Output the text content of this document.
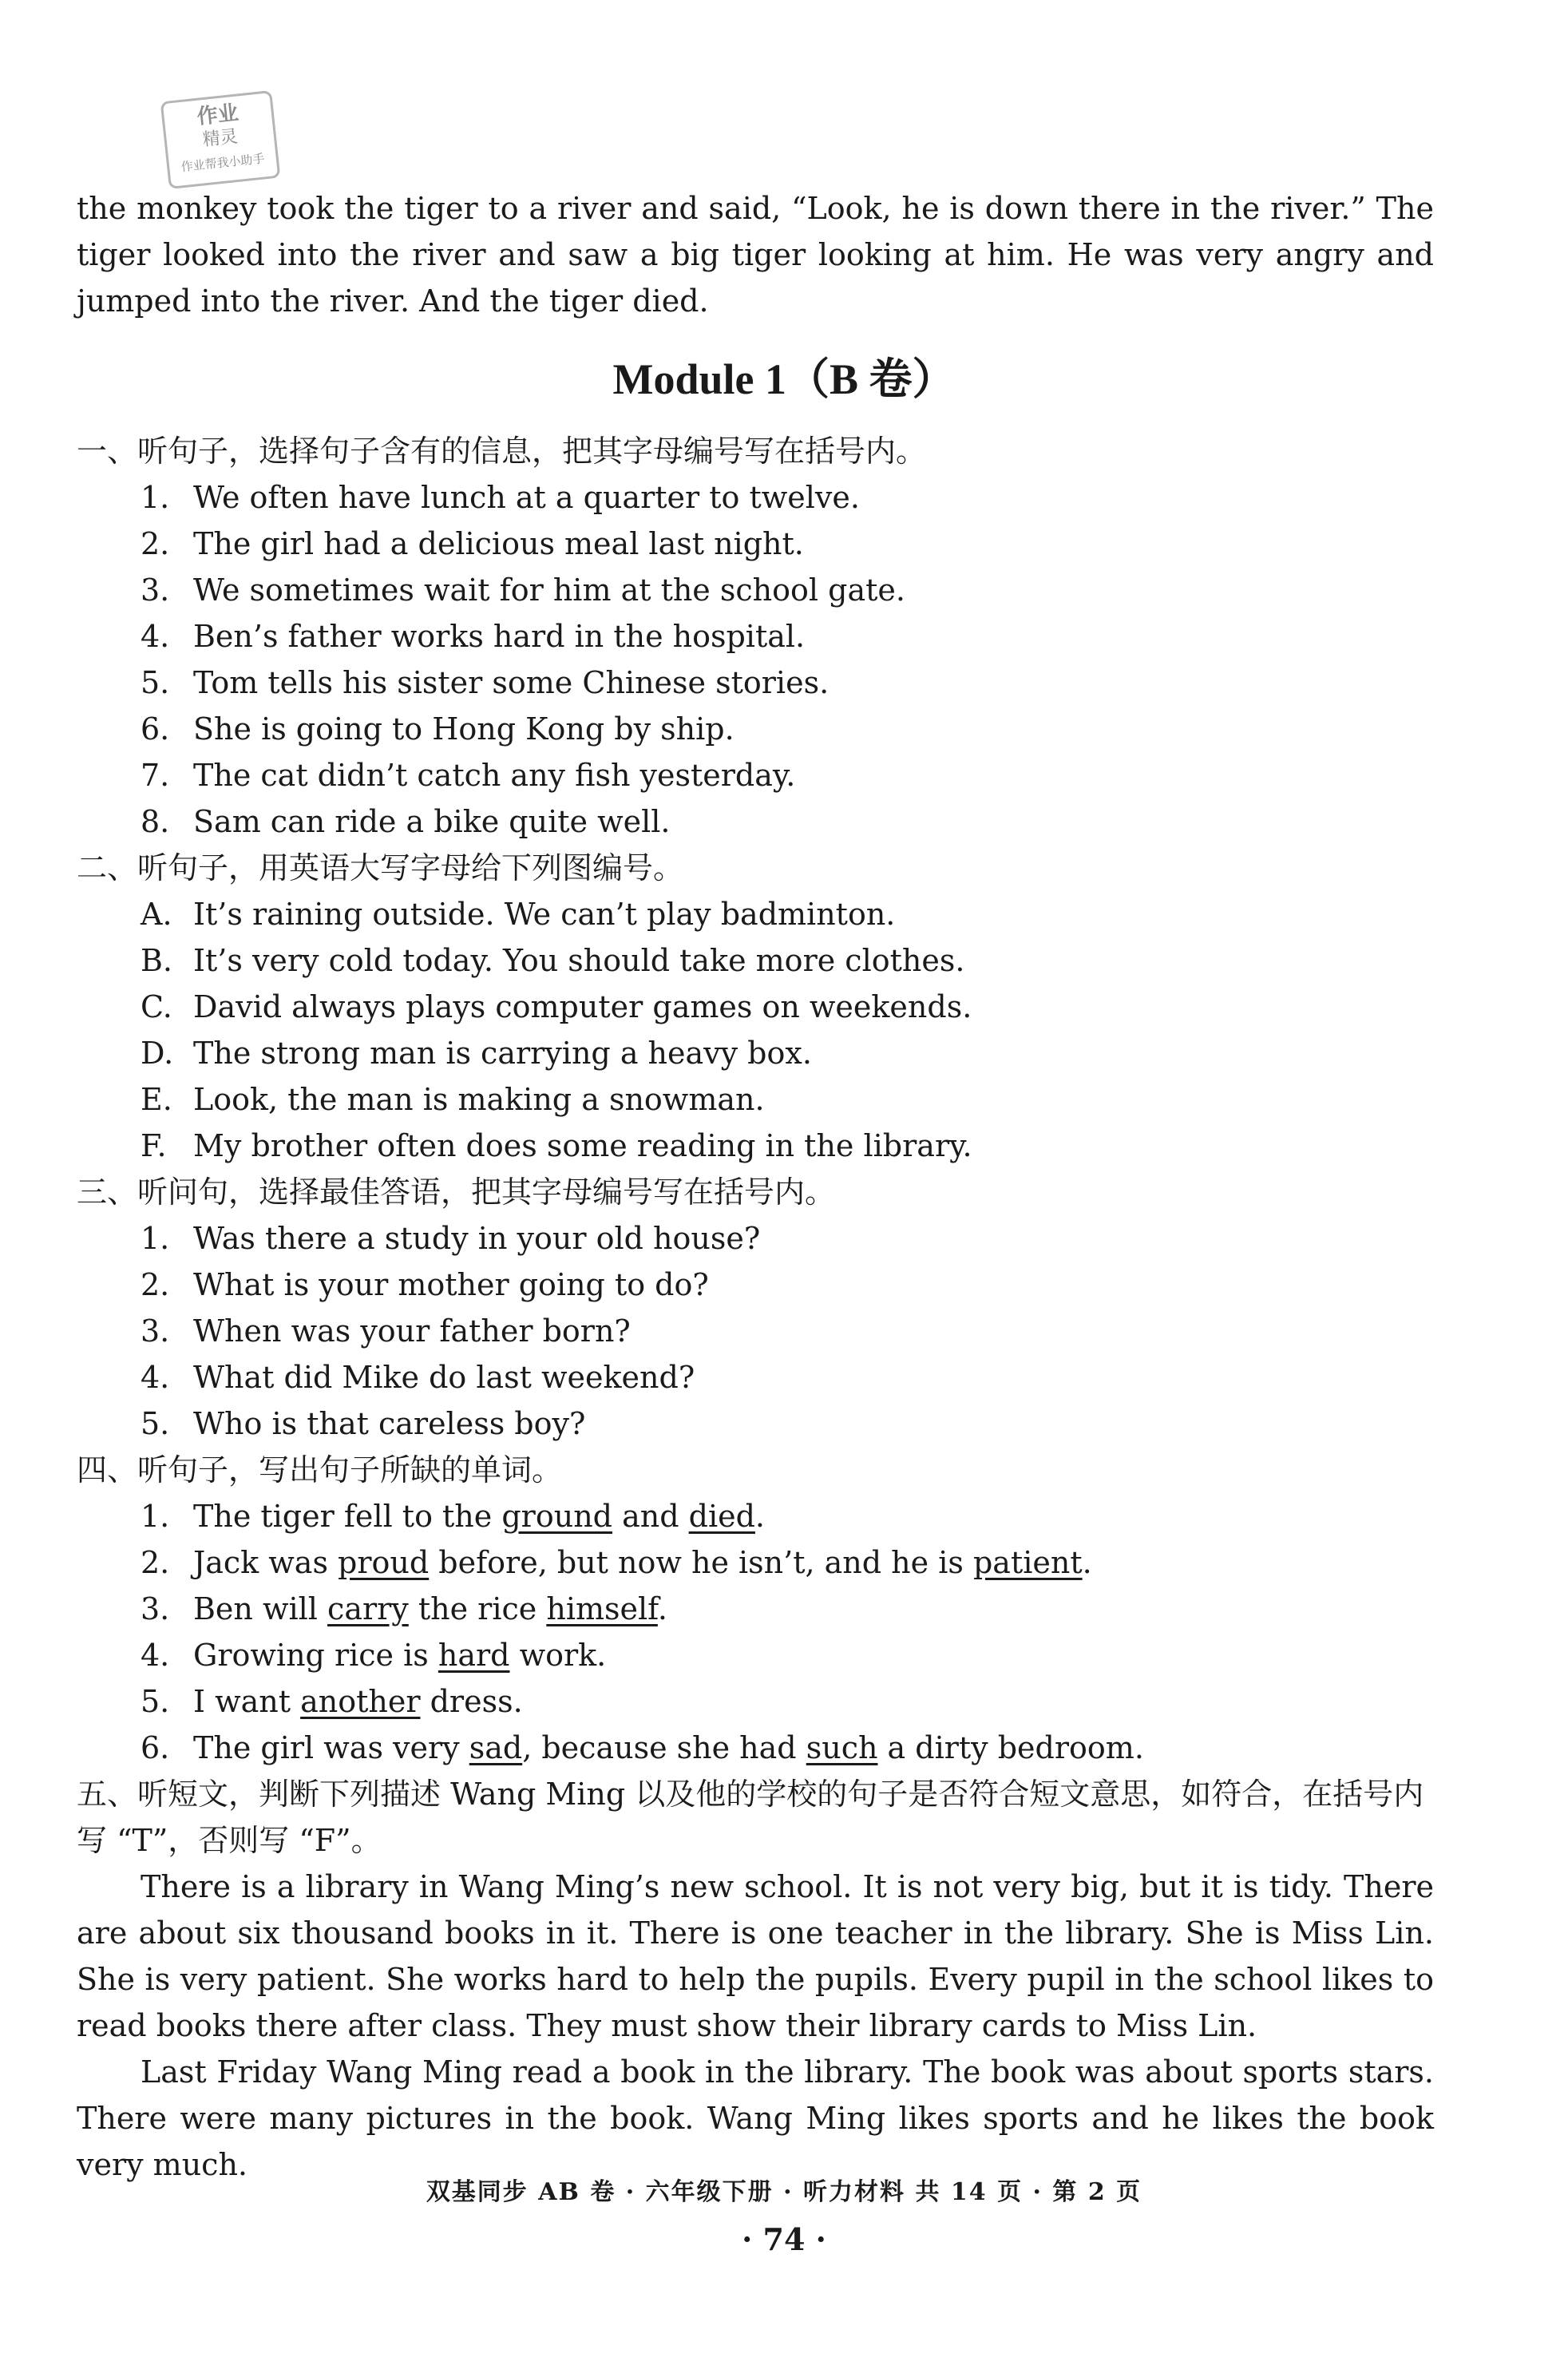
作业
精灵
作业帮我小助手
the monkey took the tiger to a river and said, “Look, he is down there in the river.” The tiger looked into the river and saw a big tiger looking at him. He was very angry and jumped into the river. And the tiger died.
Module 1（B 卷）
一、听句子，选择句子含有的信息，把其字母编号写在括号内。
1. We often have lunch at a quarter to twelve.
2. The girl had a delicious meal last night.
3. We sometimes wait for him at the school gate.
4. Ben’s father works hard in the hospital.
5. Tom tells his sister some Chinese stories.
6. She is going to Hong Kong by ship.
7. The cat didn’t catch any fish yesterday.
8. Sam can ride a bike quite well.
二、听句子，用英语大写字母给下列图编号。
A. It’s raining outside. We can’t play badminton.
B. It’s very cold today. You should take more clothes.
C. David always plays computer games on weekends.
D. The strong man is carrying a heavy box.
E. Look, the man is making a snowman.
F. My brother often does some reading in the library.
三、听问句，选择最佳答语，把其字母编号写在括号内。
1. Was there a study in your old house?
2. What is your mother going to do?
3. When was your father born?
4. What did Mike do last weekend?
5. Who is that careless boy?
四、听句子，写出句子所缺的单词。
1. The tiger fell to the ground and died.
2. Jack was proud before, but now he isn’t, and he is patient.
3. Ben will carry the rice himself.
4. Growing rice is hard work.
5. I want another dress.
6. The girl was very sad, because she had such a dirty bedroom.
五、听短文，判断下列描述 Wang Ming 以及他的学校的句子是否符合短文意思，如符合，在括号内写 “T”，否则写 “F”。
There is a library in Wang Ming’s new school. It is not very big, but it is tidy. There are about six thousand books in it. There is one teacher in the library. She is Miss Lin. She is very patient. She works hard to help the pupils. Every pupil in the school likes to read books there after class. They must show their library cards to Miss Lin.
Last Friday Wang Ming read a book in the library. The book was about sports stars. There were many pictures in the book. Wang Ming likes sports and he likes the book very much.
双基同步 AB 卷 · 六年级下册 · 听力材料 共 14 页 · 第 2 页
· 74 ·
